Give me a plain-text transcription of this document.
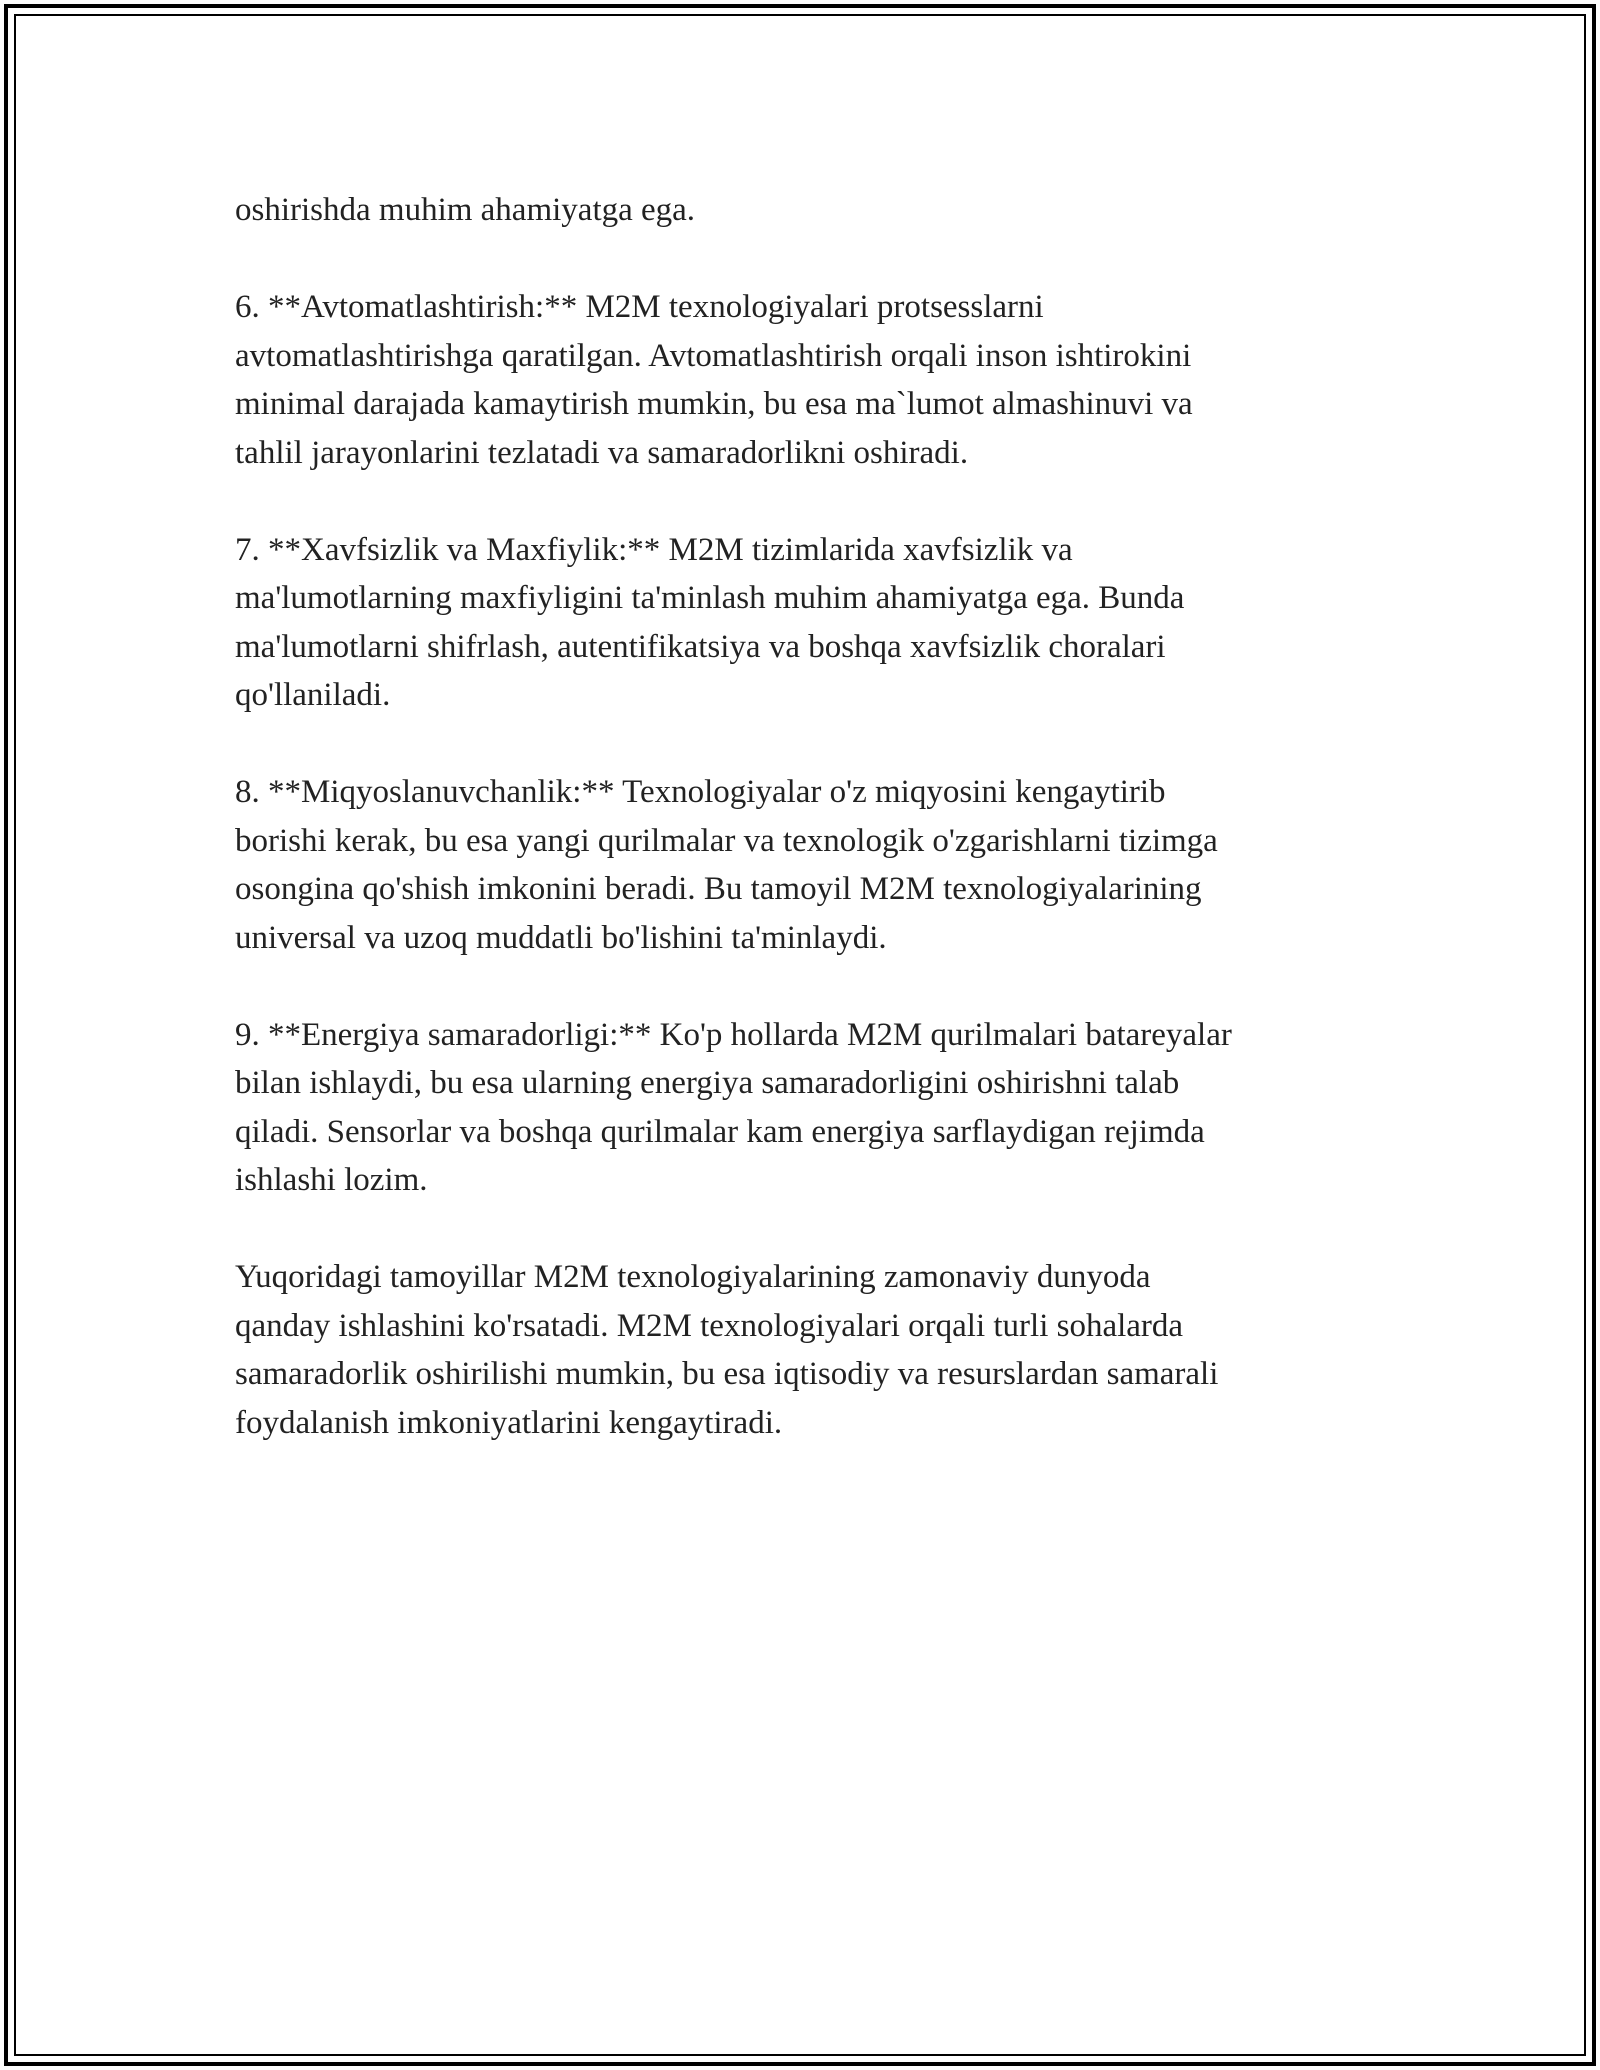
oshirishda muhim ahamiyatga ega.

6. **Avtomatlashtirish:** M2M texnologiyalari protsesslarni
avtomatlashtirishga qaratilgan. Avtomatlashtirish orqali inson ishtirokini
minimal darajada kamaytirish mumkin, bu esa ma`lumot almashinuvi va
tahlil jarayonlarini tezlatadi va samaradorlikni oshiradi.

7. **Xavfsizlik va Maxfiylik:** M2M tizimlarida xavfsizlik va
ma'lumotlarning maxfiyligini ta'minlash muhim ahamiyatga ega. Bunda
ma'lumotlarni shifrlash, autentifikatsiya va boshqa xavfsizlik choralari
qo'llaniladi.

8. **Miqyoslanuvchanlik:** Texnologiyalar o'z miqyosini kengaytirib
borishi kerak, bu esa yangi qurilmalar va texnologik o'zgarishlarni tizimga
osongina qo'shish imkonini beradi. Bu tamoyil M2M texnologiyalarining
universal va uzoq muddatli bo'lishini ta'minlaydi.

9. **Energiya samaradorligi:** Ko'p hollarda M2M qurilmalari batareyalar
bilan ishlaydi, bu esa ularning energiya samaradorligini oshirishni talab
qiladi. Sensorlar va boshqa qurilmalar kam energiya sarflaydigan rejimda
ishlashi lozim.

Yuqoridagi tamoyillar M2M texnologiyalarining zamonaviy dunyoda
qanday ishlashini ko'rsatadi. M2M texnologiyalari orqali turli sohalarda
samaradorlik oshirilishi mumkin, bu esa iqtisodiy va resurslardan samarali
foydalanish imkoniyatlarini kengaytiradi.
